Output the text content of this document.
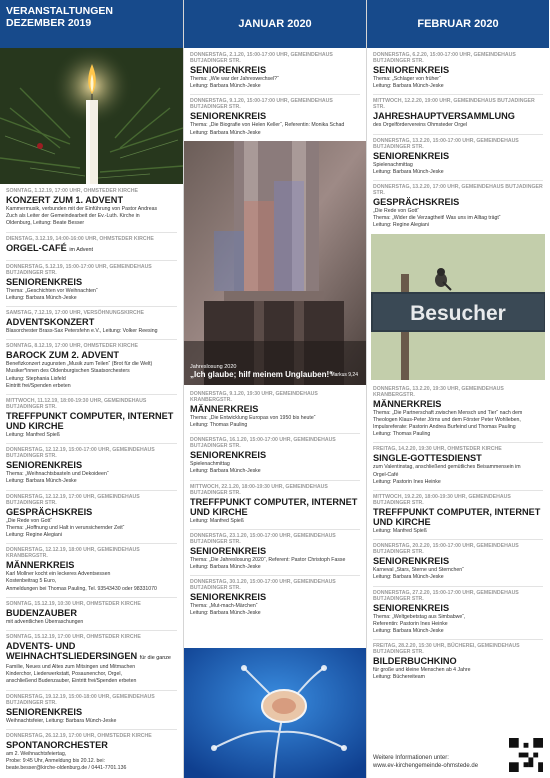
VERANSTALTUNGEN
DEZEMBER 2019
SONNTAG, 1.12.19, 17:00 UHR, OHMSTEDER KIRCHE
KONZERT ZUM 1. ADVENT
Kammermusik, verbunden mit der Einführung von Pastor Andreas
Zuch als Leiter der Gemeindearbeit der Ev.-Luth. Kirche in
Oldenburg, Leitung: Beate Besser
DIENSTAG, 3.12.19, 14:00-16:00 UHR, OHMSTEDER KIRCHE
ORGEL-CAFÉ im Advent
DONNERSTAG, 5.12.19, 15:00-17:00 UHR, GEMEINDEHAUS BUTJADINGER STR.
SENIORENKREIS
Thema: „Geschichten vor Weihnachten“
Leitung: Barbara Münch-Jeske
SAMSTAG, 7.12.19, 17:00 UHR, VERSÖHNUNGSKIRCHE
ADVENTSKONZERT
Blasorchester Brass-Sax Petersfehn e.V., Leitung: Volker Reesing
SONNTAG, 8.12.19, 17:00 UHR, OHMSTEDER KIRCHE
BAROCK ZUM 2. ADVENT
Benefizkonzert zugunsten „Musik zum Teilen“ (Brot für die Welt)
Musiker*innen des Oldenburgischen Staatsorchesters
Leitung: Stephania Lisfeld
Eintritt frei/Spenden erbeten
MITTWOCH, 11.12.19, 18:00-19:30 UHR, GEMEINDEHAUS BUTJADINGER STR.
TREFFPUNKT COMPUTER, INTERNET UND KIRCHE
Leitung: Manfred Spieß
DONNERSTAG, 12.12.19, 15:00-17:00 UHR, GEMEINDEHAUS BUTJADINGER STR.
SENIORENKREIS
Thema: „Weihnachtsbasteln und Dekoideen“
Leitung: Barbara Münch-Jeske
DONNERSTAG, 12.12.19, 17:00 UHR, GEMEINDEHAUS BUTJADINGER STR.
GESPRÄCHSKREIS
„Die Rede von Gott“
Thema: „Hoffnung und Halt in verunsichernder Zeit“
Leitung: Regine Alegiani
DONNERSTAG, 12.12.19, 18:00 UHR, GEMEINDEHAUS KRANBERGSTR.
MÄNNERKREIS
Karl Mollner kocht ein leckeres Adventsessen
Kostenbeitrag 5 Euro,
Anmeldungen bei Thomas Pauling, Tel. 93543430 oder 98331070
SONNTAG, 15.12.19, 10:30 UHR, OHMSTEDER KIRCHE
BUDENZAUBER
mit adventlichen Überraschungen
SONNTAG, 15.12.19, 17:00 UHR, OHMSTEDER KIRCHE
ADVENTS- UND WEIHNACHTSLIEDERSINGEN für die ganze
Familie, Neues und Altes zum Mitsingen und Mitmachen
Kinderchor, Liederwerkstatt, Posaunenchor, Orgel,
anschließend Budenzauber, Eintritt frei/Spenden erbeten
DONNERSTAG, 19.12.19, 15:00-18:00 UHR, GEMEINDEHAUS BUTJADINGER STR.
SENIORENKREIS
Weihnachtsfeier, Leitung: Barbara Münch-Jeske
DONNERSTAG, 26.12.19, 17:00 UHR, OHMSTEDER KIRCHE
SPONTANORCHESTER
am 2. Weihnachtsfeiertag,
Probe: 9:45 Uhr, Anmeldung bis 20.12. bei:
beate.besser@kirche-oldenburg.de / 0441-7701.136
JANUAR 2020
DONNERSTAG, 2.1.20, 15:00-17:00 UHR, GEMEINDEHAUS BUTJADINGER STR.
SENIORENKREIS
Thema: „Wie war der Jahreswechsel?“
Leitung: Barbara Münch-Jeske
DONNERSTAG, 9.1.20, 15:00-17:00 UHR, GEMEINDEHAUS BUTJADINGER STR.
SENIORENKREIS
Thema: „Die Biografie von Helen Keller“, Referentin: Monika Schad
Leitung: Barbara Münch-Jeske
Jahreslosung 2020
„Ich glaube; hilf meinem Unglauben!“
Markus 9,24
DONNERSTAG, 9.1.20, 19:30 UHR, GEMEINDEHAUS KRANBERGSTR.
MÄNNERKREIS
Thema: „Die Entwicklung Europas von 1950 bis heute“
Leitung: Thomas Pauling
DONNERSTAG, 16.1.20, 15:00-17:00 UHR, GEMEINDEHAUS BUTJADINGER STR.
SENIORENKREIS
Spielenachmittag
Leitung: Barbara Münch-Jeske
MITTWOCH, 22.1.20, 18:00-19:30 UHR, GEMEINDEHAUS BUTJADINGER STR.
TREFFPUNKT COMPUTER, INTERNET UND KIRCHE
Leitung: Manfred Spieß
DONNERSTAG, 23.1.20, 15:00-17:00 UHR, GEMEINDEHAUS BUTJADINGER STR.
SENIORENKREIS
Thema: „Die Jahreslosung 2020“, Referent: Pastor Christoph Fasse
Leitung: Barbara Münch-Jeske
DONNERSTAG, 30.1.20, 15:00-17:00 UHR, GEMEINDEHAUS BUTJADINGER STR.
SENIORENKREIS
Thema: „Mut-mach-Märchen“
Leitung: Barbara Münch-Jeske
FEBRUAR 2020
DONNERSTAG, 6.2.20, 15:00-17:00 UHR, GEMEINDEHAUS BUTJADINGER STR.
SENIORENKREIS
Thema: „Schlager von früher“
Leitung: Barbara Münch-Jeske
MITTWOCH, 12.2.20, 19:00 UHR, GEMEINDEHAUS BUTJADINGER STR.
JAHRESHAUPTVERSAMMLUNG
des Orgelfördervereins Ohmsteder Orgel
DONNERSTAG, 13.2.20, 15:00-17:00 UHR, GEMEINDEHAUS BUTJADINGER STR.
SENIORENKREIS
Spielenachmittag
Leitung: Barbara Münch-Jeske
DONNERSTAG, 13.2.20, 17:00 UHR, GEMEINDEHAUS BUTJADINGER STR.
GESPRÄCHSKREIS
„Die Rede von Gott“
Thema: „Wider die Verzagtheit! Was uns im Alltag trägt“
Leitung: Regine Alegiani
Besucher
DONNERSTAG, 13.2.20, 19:30 UHR, GEMEINDEHAUS KRANBERGSTR.
MÄNNERKREIS
Thema: „Die Partnerschaft zwischen Mensch und Tier“ nach dem
Theologen Klaus-Peter Jörns und dem Förster Peter Wohlleben,
Impulsreferate: Pastorin Andrea Burfeind und Thomas Pauling
Leitung: Thomas Pauling
FREITAG, 14.2.20, 19:30 UHR, OHMSTEDER KIRCHE
SINGLE-GOTTESDIENST
zum Valentinstag, anschließend gemütliches Beisammensein im
Orgel-Café
Leitung: Pastorin Ines Heinke
MITTWOCH, 19.2.20, 18:00-19:30 UHR, GEMEINDEHAUS BUTJADINGER STR.
TREFFPUNKT COMPUTER, INTERNET UND KIRCHE
Leitung: Manfred Spieß
DONNERSTAG, 20.2.20, 15:00-17:00 UHR, GEMEINDEHAUS BUTJADINGER STR.
SENIORENKREIS
Karneval „Stars, Sterne und Sternchen“
Leitung: Barbara Münch-Jeske
DONNERSTAG, 27.2.20, 15:00-17:00 UHR, GEMEINDEHAUS BUTJADINGER STR.
SENIORENKREIS
Thema: „Weltgebetstag aus Simbabwe“,
Referentin: Pastorin Ines Heinke
Leitung: Barbara Münch-Jeske
FREITAG, 28.2.20, 15:30 UHR, BÜCHEREI, GEMEINDEHAUS BUTJADINGER STR.
BILDERBUCHKINO
für große und kleine Menschen ab 4 Jahre
Leitung: Büchereiteam
Weitere Informationen unter:
www.ev-kirchengemeinde-ohmstede.de
